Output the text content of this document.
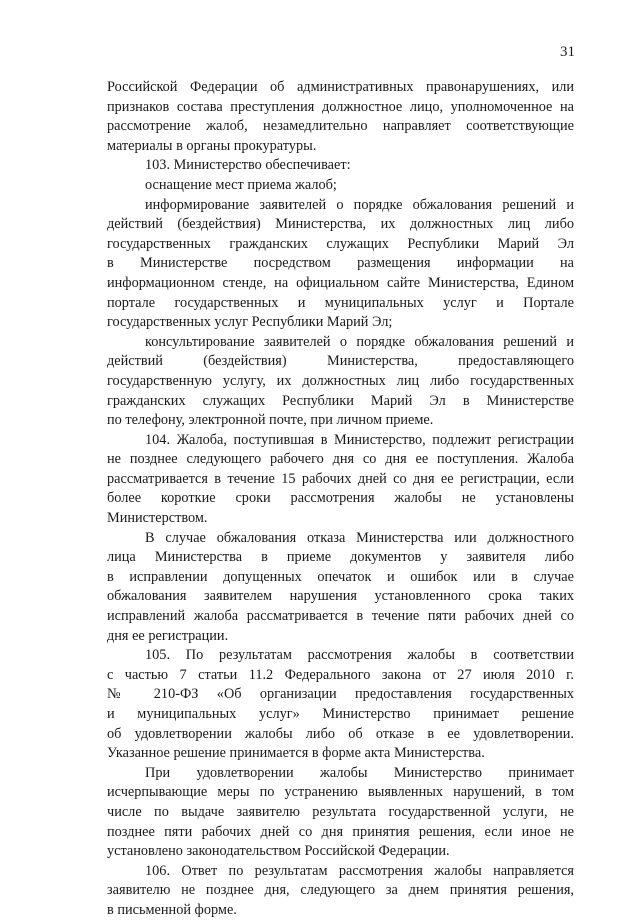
31
Российской Федерации об административных правонарушениях, или
признаков состава преступления должностное лицо, уполномоченное на
рассмотрение жалоб, незамедлительно направляет соответствующие
материалы в органы прокуратуры.
103. Министерство обеспечивает:
оснащение мест приема жалоб;
информирование заявителей о порядке обжалования решений и
действий (бездействия) Министерства, их должностных лиц либо
государственных гражданских служащих Республики Марий Эл
в Министерстве посредством размещения информации на
информационном стенде, на официальном сайте Министерства, Едином
портале государственных и муниципальных услуг и Портале
государственных услуг Республики Марий Эл;
консультирование заявителей о порядке обжалования решений и
действий (бездействия) Министерства, предоставляющего
государственную услугу, их должностных лиц либо государственных
гражданских служащих Республики Марий Эл в Министерстве
по телефону, электронной почте, при личном приеме.
104. Жалоба, поступившая в Министерство, подлежит регистрации
не позднее следующего рабочего дня со дня ее поступления. Жалоба
рассматривается в течение 15 рабочих дней со дня ее регистрации, если
более короткие сроки рассмотрения жалобы не установлены
Министерством.
В случае обжалования отказа Министерства или должностного
лица Министерства в приеме документов у заявителя либо
в исправлении допущенных опечаток и ошибок или в случае
обжалования заявителем нарушения установленного срока таких
исправлений жалоба рассматривается в течение пяти рабочих дней со
дня ее регистрации.
105. По результатам рассмотрения жалобы в соответствии
с частью 7 статьи 11.2 Федерального закона от 27 июля 2010 г.
№ 210-ФЗ «Об организации предоставления государственных
и муниципальных услуг» Министерство принимает решение
об удовлетворении жалобы либо об отказе в ее удовлетворении.
Указанное решение принимается в форме акта Министерства.
При удовлетворении жалобы Министерство принимает
исчерпывающие меры по устранению выявленных нарушений, в том
числе по выдаче заявителю результата государственной услуги, не
позднее пяти рабочих дней со дня принятия решения, если иное не
установлено законодательством Российской Федерации.
106. Ответ по результатам рассмотрения жалобы направляется
заявителю не позднее дня, следующего за днем принятия решения,
в письменной форме.
